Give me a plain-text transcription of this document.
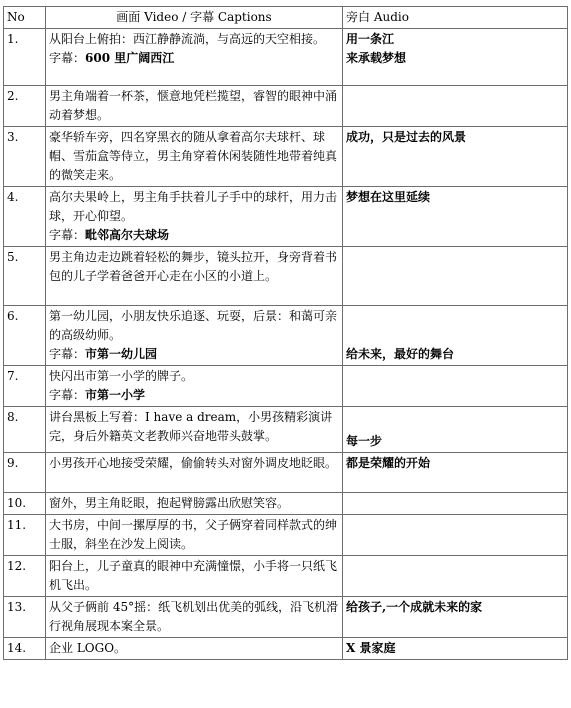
No	画面 Video / 字幕 Captions	旁白 Audio
1.	从阳台上俯拍：西江静静流淌，与高远的天空相接。
字幕：600 里广阔西江	用一条江
来承载梦想

2.	男主角端着一杯茶，惬意地凭栏揽望，睿智的眼神中涌动着梦想。	

3.	豪华轿车旁，四名穿黑衣的随从拿着高尔夫球杆、球帽、雪茄盒等侍立，男主角穿着休闲装随性地带着纯真的微笑走来。	成功，只是过去的风景

4.	高尔夫果岭上，男主角手扶着儿子手中的球杆，用力击球，开心仰望。
字幕：毗邻高尔夫球场	梦想在这里延续

5.	男主角边走边跳着轻松的舞步，镜头拉开，身旁背着书包的儿子学着爸爸开心走在小区的小道上。	

6.	第一幼儿园，小朋友快乐追逐、玩耍，后景：和蔼可亲的高级幼师。
字幕：市第一幼儿园	给未来，最好的舞台

7.	快闪出市第一小学的牌子。
字幕：市第一小学	

8.	讲台黑板上写着：I have a dream，小男孩精彩演讲完，身后外籍英文老教师兴奋地带头鼓掌。	每一步

9.	小男孩开心地接受荣耀，偷偷转头对窗外调皮地眨眼。	都是荣耀的开始

10.	窗外，男主角眨眼，抱起臂膀露出欣慰笑容。	

11.	大书房，中间一摞厚厚的书，父子俩穿着同样款式的绅士服，斜坐在沙发上阅读。	

12.	阳台上，儿子童真的眼神中充满憧憬，小手将一只纸飞机飞出。	

13.	从父子俩前 45°摇：纸飞机划出优美的弧线，沿飞机滑行视角展现本案全景。	给孩子,一个成就未来的家

14.	企业 LOGO。	X 景家庭
